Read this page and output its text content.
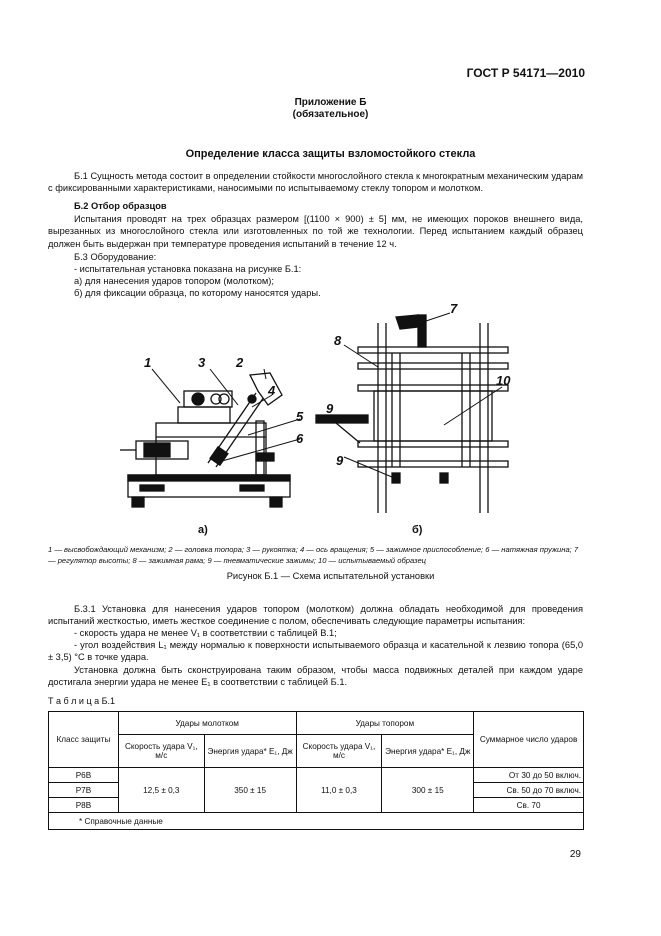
ГОСТ Р 54171—2010
Приложение Б
(обязательное)
Определение класса защиты взломостойкого стекла
Б.1 Сущность метода состоит в определении стойкости многослойного стекла к многократным механическим ударам с фиксированными характеристиками, наносимыми по испытываемому стеклу топором и молотком.
Б.2 Отбор образцов
Испытания проводят на трех образцах размером [(1100 × 900) ± 5] мм, не имеющих пороков внешнего вида, вырезанных из многослойного стекла или изготовленных по той же технологии. Перед испытанием каждый образец должен быть выдержан при температуре проведения испытаний в течение 12 ч.
Б.3 Оборудование:
- испытательная установка показана на рисунке Б.1:
а) для нанесения ударов топором (молотком);
б) для фиксации образца, по которому наносятся удары.
1	3 2
4
5
6
7
8
9
10
9
а)	б)
1 — высвобождающий механизм; 2 — головка топора; 3 — рукоятка; 4 — ось вращения; 5 — зажимное приспособление; 6 — натяжная пружина; 7 — регулятор высоты; 8 — зажимная рама; 9 — пневматические зажимы; 10 — испытываемый образец
Рисунок Б.1 — Схема испытательной установки
Б.3.1 Установка для нанесения ударов топором (молотком) должна обладать необходимой для проведения испытаний жесткостью, иметь жесткое соединение с полом, обеспечивать следующие параметры испытания:
- скорость удара не менее V₁ в соответствии с таблицей В.1;
- угол воздействия L₁ между нормалью к поверхности испытываемого образца и касательной к лезвию топора (65,0 ± 3,5) °С в точке удара.
Установка должна быть сконструирована таким образом, чтобы масса подвижных деталей при каждом ударе достигала энергии удара не менее E₁ в соответствии с таблицей Б.1.
Т а б л и ц а Б.1
Класс защиты	Удары молотком		Удары топором		Суммарное число ударов
	Скорость удара V₁, м/с	Энергия удара* E₁, Дж	Скорость удара V₁, м/с	Энергия удара* E₁, Дж	
Р6В	12,5 ± 0,3	350 ± 15	11,0 ± 0,3	300 ± 15	От 30 до 50 включ.
Р7В					Св. 50 до 70 включ.
Р8В					Св. 70
* Справочные данные					
29
